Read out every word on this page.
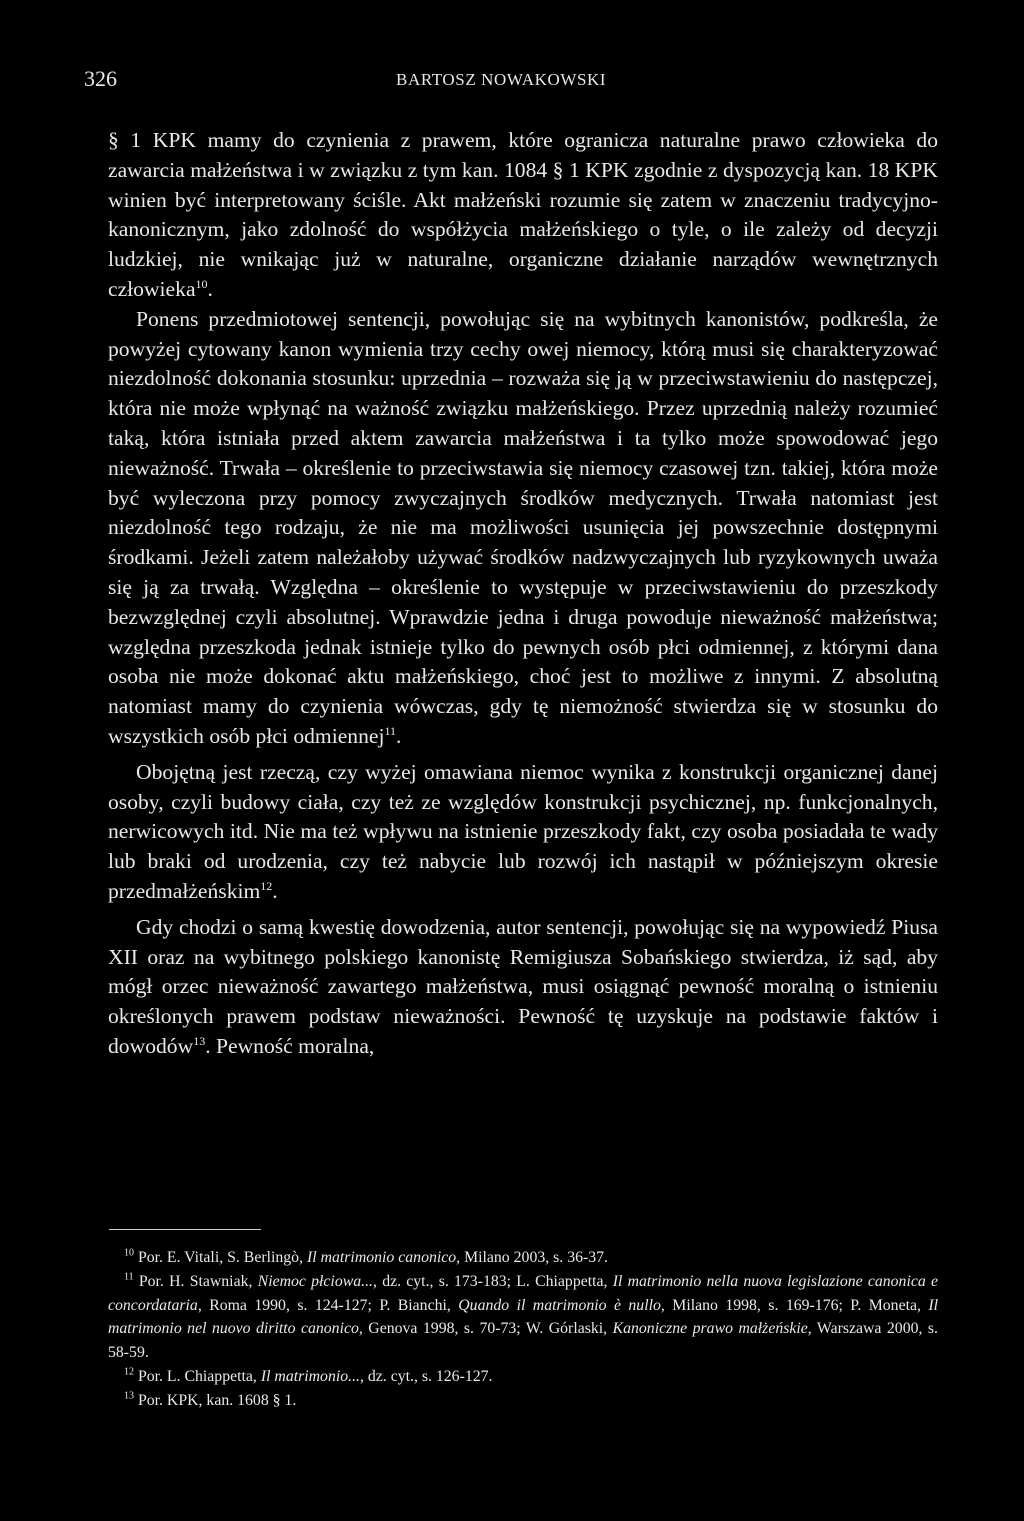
326	BARTOSZ NOWAKOWSKI

§ 1 KPK mamy do czynienia z prawem, które ogranicza naturalne prawo człowieka do zawarcia małżeństwa i w związku z tym kan. 1084 § 1 KPK zgodnie z dyspozycją kan. 18 KPK winien być interpretowany ściśle. Akt małżeński rozumie się zatem w znaczeniu tradycyjno-kanonicznym, jako zdolność do współżycia małżeńskiego o tyle, o ile zależy od decyzji ludzkiej, nie wnikając już w naturalne, organiczne działanie narządów wewnętrznych człowieka$^{10}$.

Ponens przedmiotowej sentencji, powołując się na wybitnych kanonistów, podkreśla, że powyżej cytowany kanon wymienia trzy cechy owej niemocy, którą musi się charakteryzować niezdolność dokonania stosunku: uprzednia – rozważa się ją w przeciwstawieniu do następczej, która nie może wpłynąć na ważność związku małżeńskiego. Przez uprzednią należy rozumieć taką, która istniała przed aktem zawarcia małżeństwa i ta tylko może spowodować jego nieważność. Trwała – określenie to przeciwstawia się niemocy czasowej tzn. takiej, która może być wyleczona przy pomocy zwyczajnych środków medycznych. Trwała natomiast jest niezdolność tego rodzaju, że nie ma możliwości usunięcia jej powszechnie dostępnymi środkami. Jeżeli zatem należałoby używać środków nadzwyczajnych lub ryzykownych uważa się ją za trwałą. Względna – określenie to występuje w przeciwstawieniu do przeszkody bezwzględnej czyli absolutnej. Wprawdzie jedna i druga powoduje nieważność małżeństwa; względna przeszkoda jednak istnieje tylko do pewnych osób płci odmiennej, z którymi dana osoba nie może dokonać aktu małżeńskiego, choć jest to możliwe z innymi. Z absolutną natomiast mamy do czynienia wówczas, gdy tę niemożność stwierdza się w stosunku do wszystkich osób płci odmiennej$^{11}$.

Obojętną jest rzeczą, czy wyżej omawiana niemoc wynika z konstrukcji organicznej danej osoby, czyli budowy ciała, czy też ze względów konstrukcji psychicznej, np. funkcjonalnych, nerwicowych itd. Nie ma też wpływu na istnienie przeszkody fakt, czy osoba posiadała te wady lub braki od urodzenia, czy też nabycie lub rozwój ich nastąpił w późniejszym okresie przedmałżeńskim$^{12}$.

Gdy chodzi o samą kwestię dowodzenia, autor sentencji, powołując się na wypowiedź Piusa XII oraz na wybitnego polskiego kanonistę Remigiusza Sobańskiego stwierdza, iż sąd, aby mógł orzec nieważność zawartego małżeństwa, musi osiągnąć pewność moralną o istnieniu określonych prawem podstaw nieważności. Pewność tę uzyskuje na podstawie faktów i dowodów$^{13}$. Pewność moralna,

$^{10}$ Por. E. Vitali, S. Berlingò, Il matrimonio canonico, Milano 2003, s. 36-37.

$^{11}$ Por. H. Stawniak, Niemoc płciowa..., dz. cyt., s. 173-183; L. Chiappetta, Il matrimonio nella nuova legislazione canonica e concordataria, Roma 1990, s. 124-127; P. Bianchi, Quando il matrimonio è nullo, Milano 1998, s. 169-176; P. Moneta, Il matrimonio nel nuovo diritto canonico, Genova 1998, s. 70-73; W. Górlaski, Kanoniczne prawo małżeńskie, Warszawa 2000, s. 58-59.

$^{12}$ Por. L. Chiappetta, Il matrimonio..., dz. cyt., s. 126-127.

$^{13}$ Por. KPK, kan. 1608 § 1.
